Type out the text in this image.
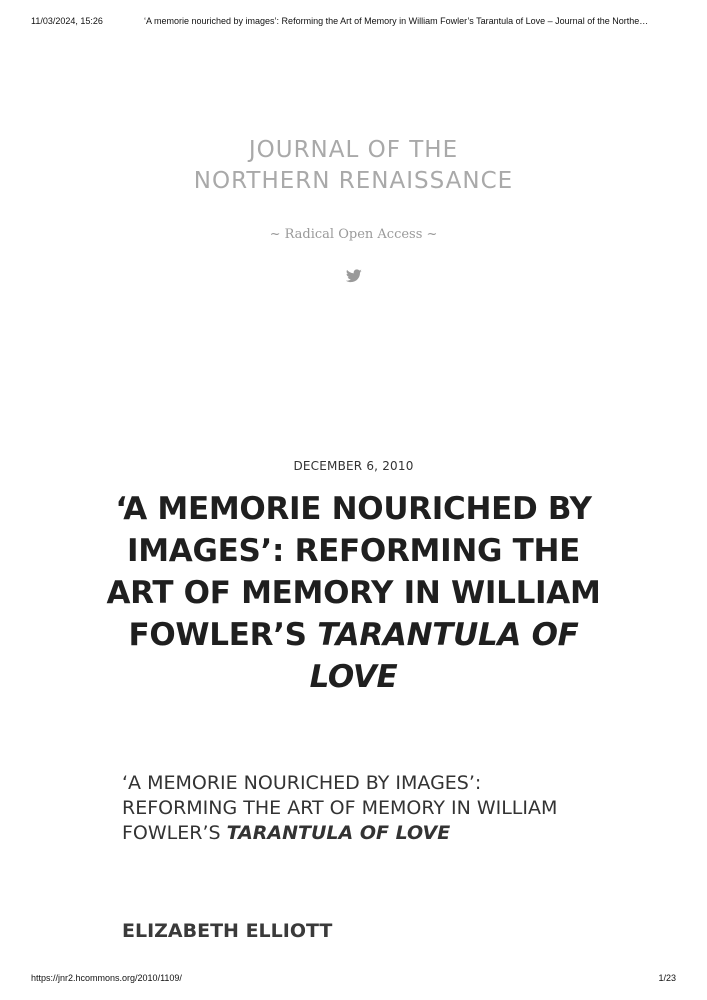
11/03/2024, 15:26	‘A memorie nouriched by images’: Reforming the Art of Memory in William Fowler’s Tarantula of Love – Journal of the Northe…
JOURNAL OF THE NORTHERN RENAISSANCE
~ Radical Open Access ~
DECEMBER 6, 2010
‘A MEMORIE NOURICHED BY IMAGES’: REFORMING THE ART OF MEMORY IN WILLIAM FOWLER’S TARANTULA OF LOVE
‘A MEMORIE NOURICHED BY IMAGES’: REFORMING THE ART OF MEMORY IN WILLIAM FOWLER’S TARANTULA OF LOVE
ELIZABETH ELLIOTT
https://jnr2.hcommons.org/2010/1109/	1/23
